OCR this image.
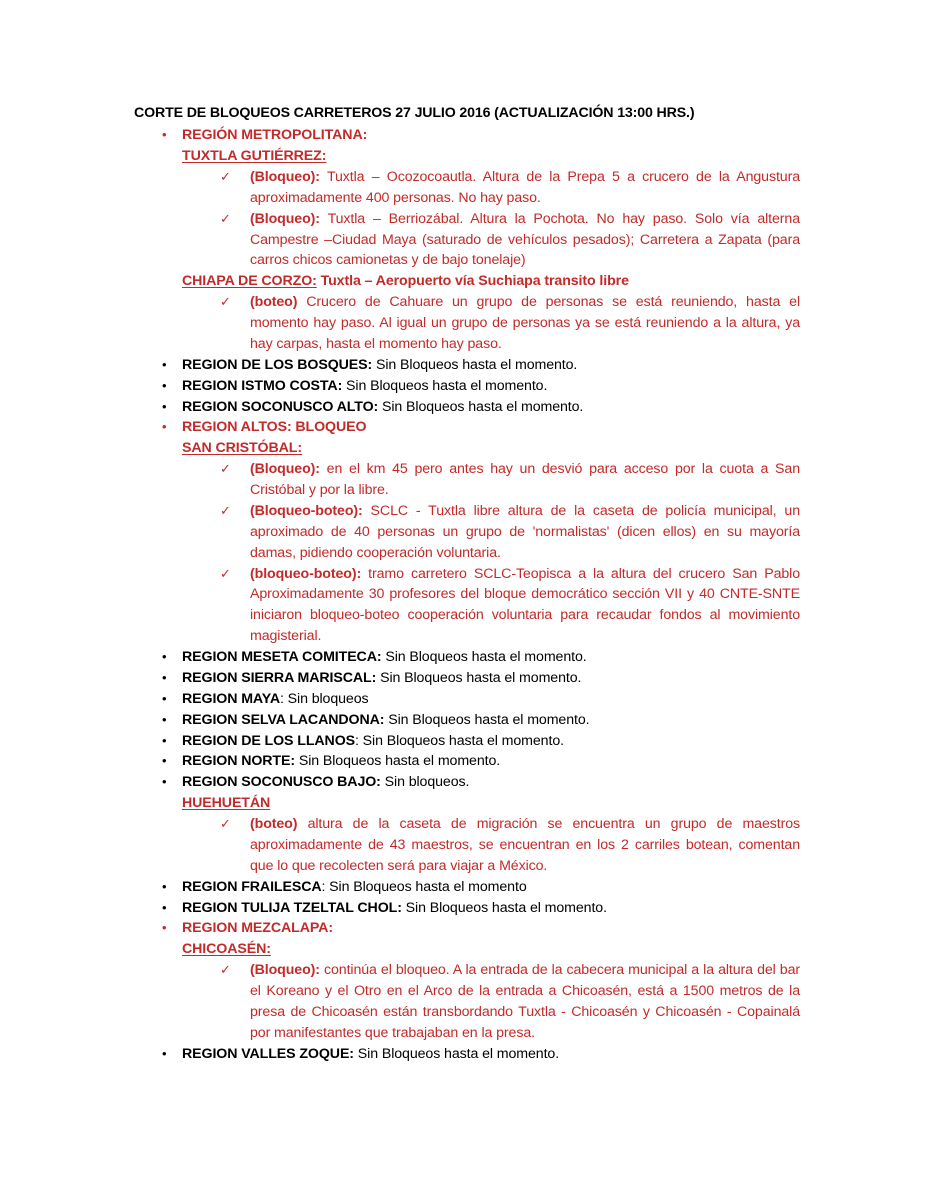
CORTE DE BLOQUEOS CARRETEROS 27 JULIO 2016 (ACTUALIZACIÓN 13:00 HRS.)
• REGIÓN METROPOLITANA:
TUXTLA GUTIÉRREZ:
✓ (Bloqueo): Tuxtla – Ocozocoautla. Altura de la Prepa 5 a crucero de la Angustura aproximadamente 400 personas. No hay paso.
✓ (Bloqueo): Tuxtla – Berriozábal. Altura la Pochota. No hay paso. Solo vía alterna Campestre –Ciudad Maya (saturado de vehículos pesados); Carretera a Zapata (para carros chicos camionetas y de bajo tonelaje)
CHIAPA DE CORZO: Tuxtla – Aeropuerto vía Suchiapa transito libre
✓ (boteo) Crucero de Cahuare un grupo de personas se está reuniendo, hasta el momento hay paso. Al igual un grupo de personas ya se está reuniendo a la altura, ya hay carpas, hasta el momento hay paso.
• REGION DE LOS BOSQUES: Sin Bloqueos hasta el momento.
• REGION ISTMO COSTA: Sin Bloqueos hasta el momento.
• REGION SOCONUSCO ALTO: Sin Bloqueos hasta el momento.
• REGION ALTOS: BLOQUEO
SAN CRISTÓBAL:
✓ (Bloqueo): en el km 45 pero antes hay un desvió para acceso por la cuota a San Cristóbal y por la libre.
✓ (Bloqueo-boteo): SCLC - Tuxtla libre altura de la caseta de policía municipal, un aproximado de 40 personas un grupo de 'normalistas' (dicen ellos) en su mayoría damas, pidiendo cooperación voluntaria.
✓ (bloqueo-boteo): tramo carretero SCLC-Teopisca a la altura del crucero San Pablo Aproximadamente 30 profesores del bloque democrático sección VII y 40 CNTE-SNTE iniciaron bloqueo-boteo cooperación voluntaria para recaudar fondos al movimiento magisterial.
• REGION MESETA COMITECA: Sin Bloqueos hasta el momento.
• REGION SIERRA MARISCAL: Sin Bloqueos hasta el momento.
• REGION MAYA: Sin bloqueos
• REGION SELVA LACANDONA: Sin Bloqueos hasta el momento.
• REGION DE LOS LLANOS: Sin Bloqueos hasta el momento.
• REGION NORTE: Sin Bloqueos hasta el momento.
• REGION SOCONUSCO BAJO: Sin bloqueos.
HUEHUETÁN
✓ (boteo) altura de la caseta de migración se encuentra un grupo de maestros aproximadamente de 43 maestros, se encuentran en los 2 carriles botean, comentan que lo que recolecten será para viajar a México.
• REGION FRAILESCA: Sin Bloqueos hasta el momento
• REGION TULIJA TZELTAL CHOL: Sin Bloqueos hasta el momento.
• REGION MEZCALAPA:
CHICOASÉN:
✓ (Bloqueo): continúa el bloqueo. A la entrada de la cabecera municipal a la altura del bar el Koreano y el Otro en el Arco de la entrada a Chicoasén, está a 1500 metros de la presa de Chicoasén están transbordando Tuxtla - Chicoasén y Chicoasén - Copainalá por manifestantes que trabajaban en la presa.
• REGION VALLES ZOQUE: Sin Bloqueos hasta el momento.
